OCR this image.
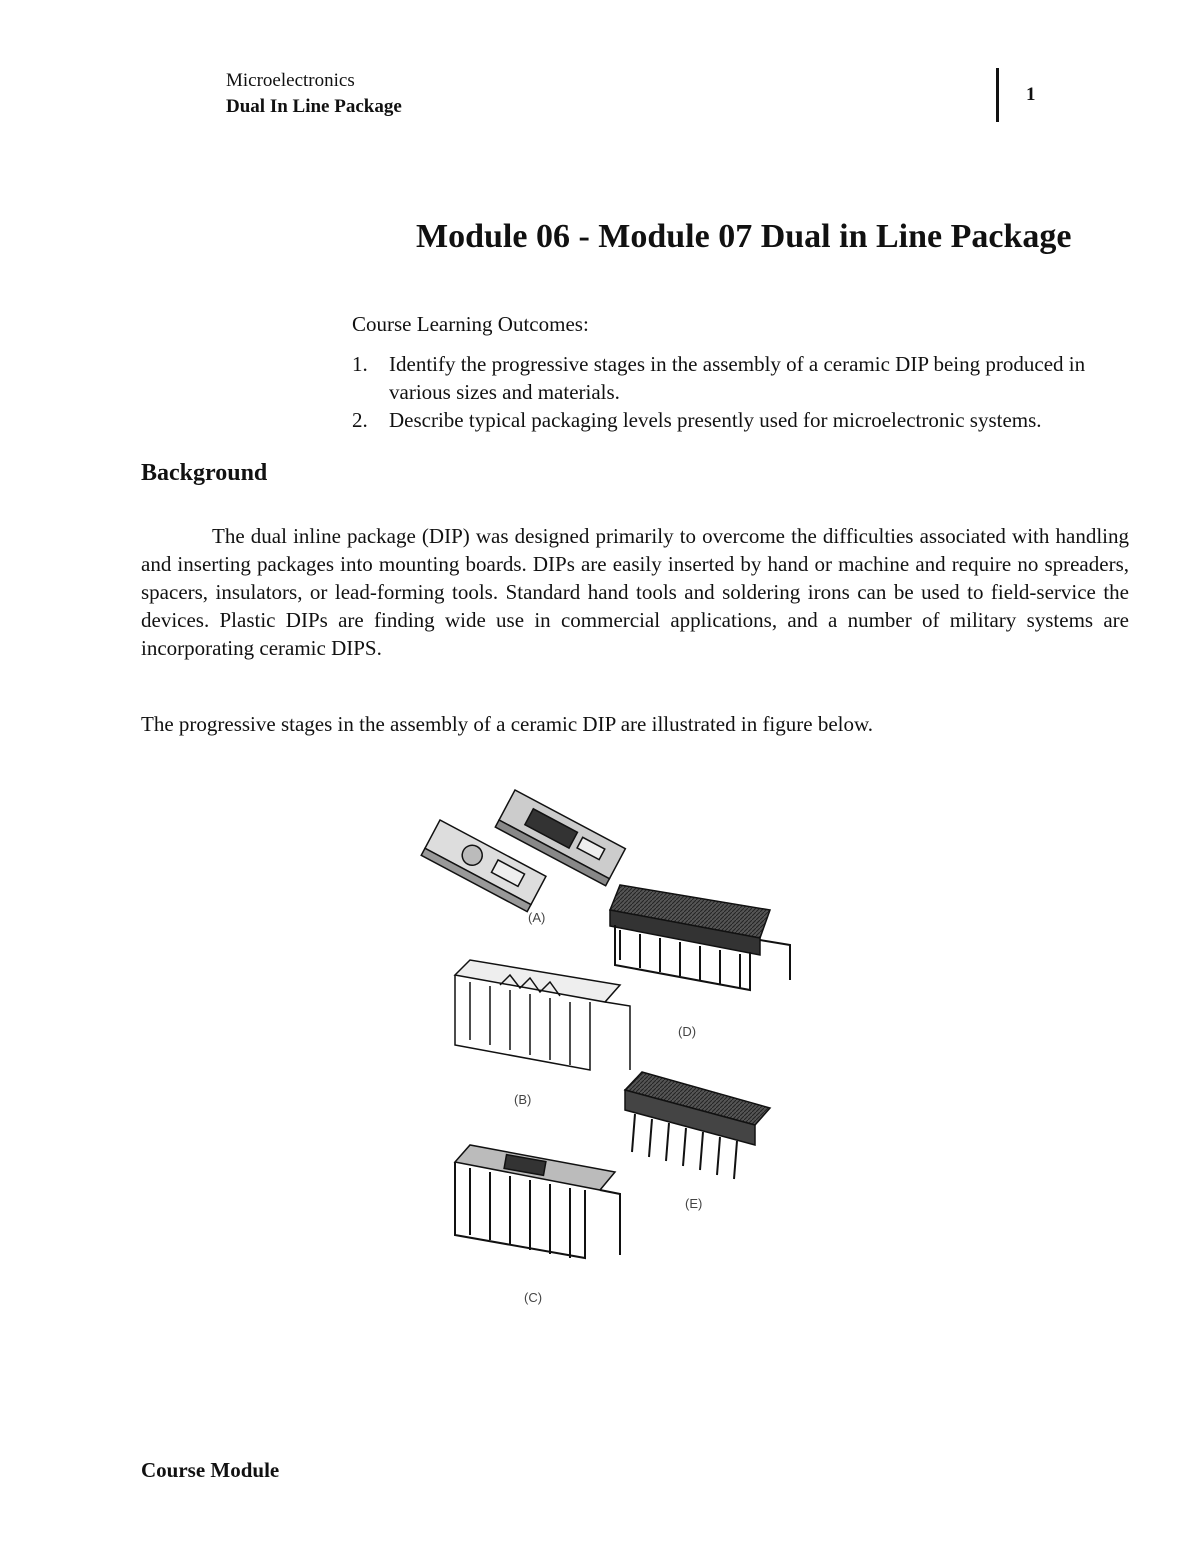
Microelectronics
Dual In Line Package
1
Module 06 - Module 07 Dual in Line Package
Course Learning Outcomes:
1. Identify the progressive stages in the assembly of a ceramic DIP being produced in various sizes and materials.
2. Describe typical packaging levels presently used for microelectronic systems.
Background

The dual inline package (DIP) was designed primarily to overcome the difficulties associated with handling and inserting packages into mounting boards. DIPs are easily inserted by hand or machine and require no spreaders, spacers, insulators, or lead-forming tools. Standard hand tools and soldering irons can be used to field-service the devices. Plastic DIPs are finding wide use in commercial applications, and a number of military systems are incorporating ceramic DIPS.

The progressive stages in the assembly of a ceramic DIP are illustrated in figure below.
(A)
(D)
(B)
(E)
(C)
Course Module
